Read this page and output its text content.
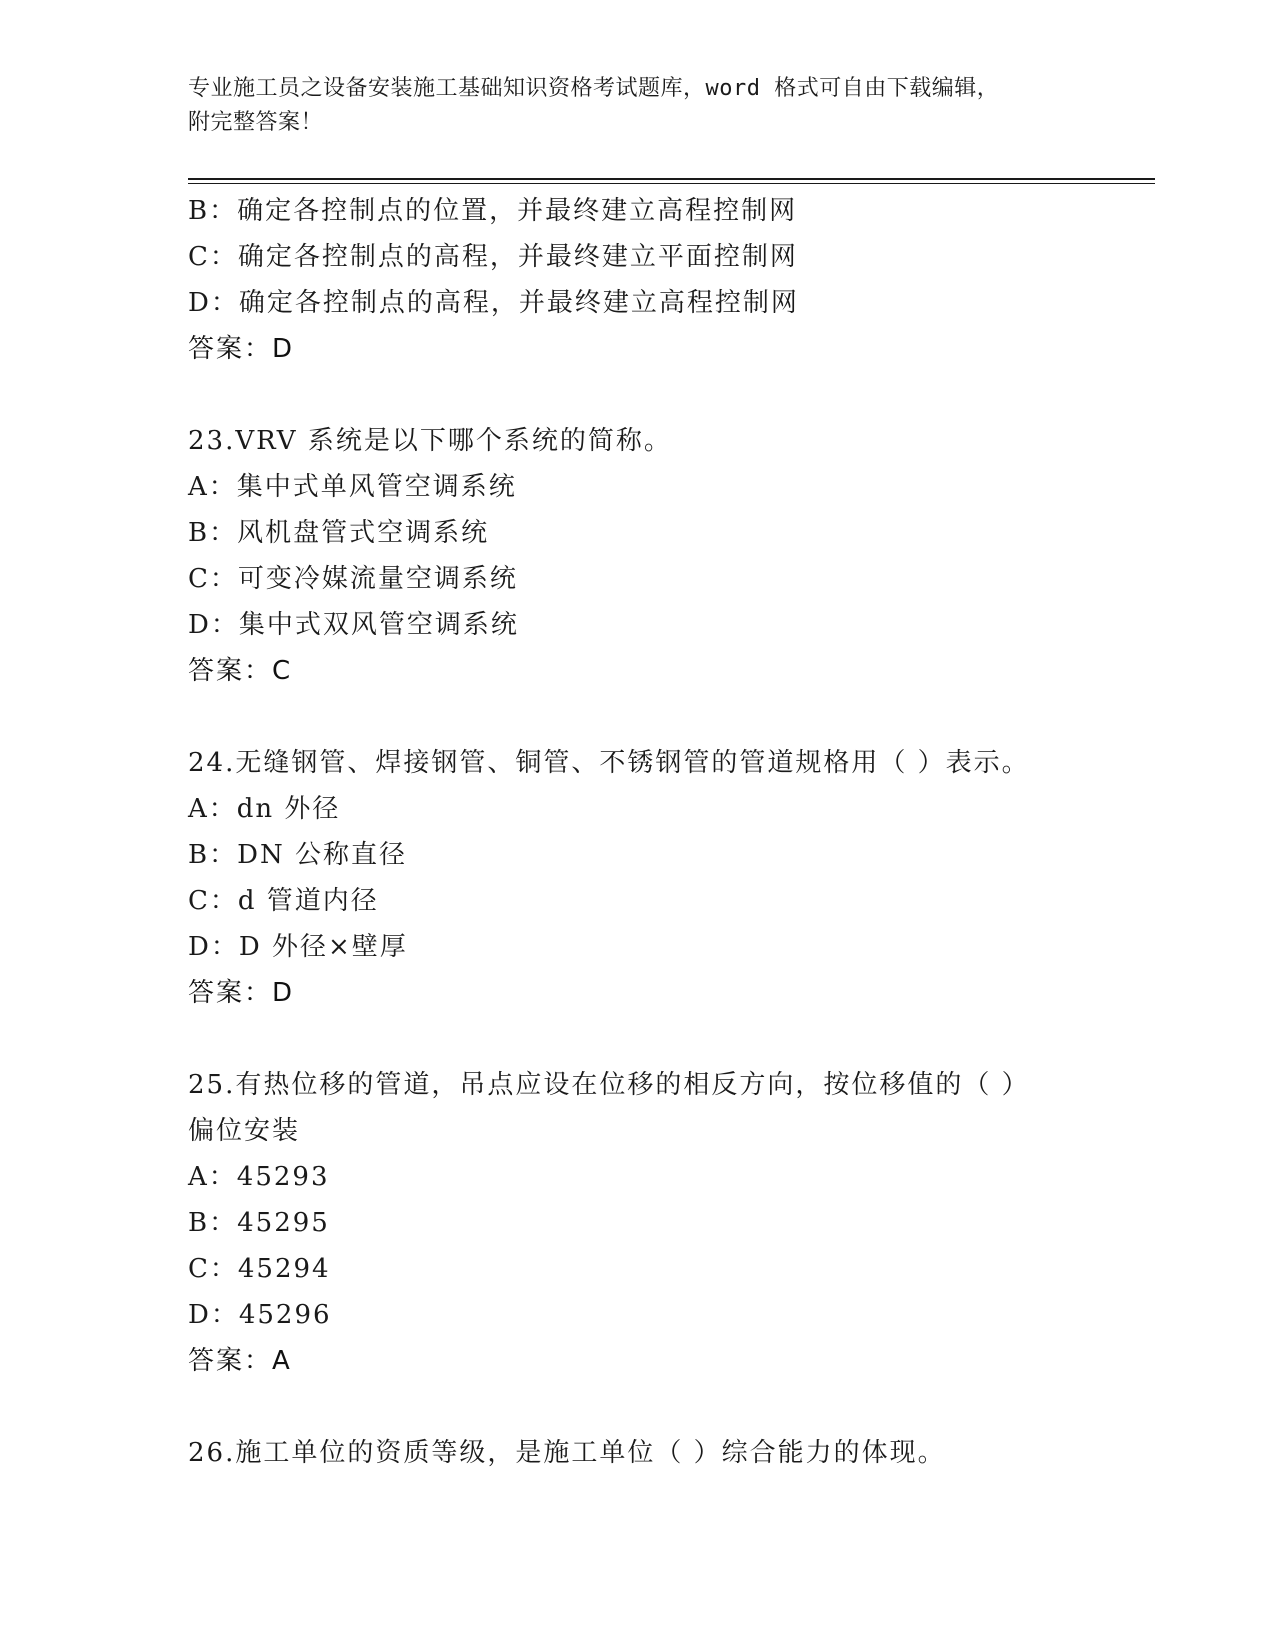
专业施工员之设备安装施工基础知识资格考试题库，word 格式可自由下载编辑，
附完整答案！
B：确定各控制点的位置，并最终建立高程控制网
C：确定各控制点的高程，并最终建立平面控制网
D：确定各控制点的高程，并最终建立高程控制网
答案：D
23.VRV 系统是以下哪个系统的简称。
A：集中式单风管空调系统
B：风机盘管式空调系统
C：可变冷媒流量空调系统
D：集中式双风管空调系统
答案：C
24.无缝钢管、焊接钢管、铜管、不锈钢管的管道规格用（ ）表示。
A：dn 外径
B：DN 公称直径
C：d 管道内径
D：D 外径×壁厚
答案：D
25.有热位移的管道，吊点应设在位移的相反方向，按位移值的（ ）
偏位安装
A：45293
B：45295
C：45294
D：45296
答案：A
26.施工单位的资质等级，是施工单位（ ）综合能力的体现。
